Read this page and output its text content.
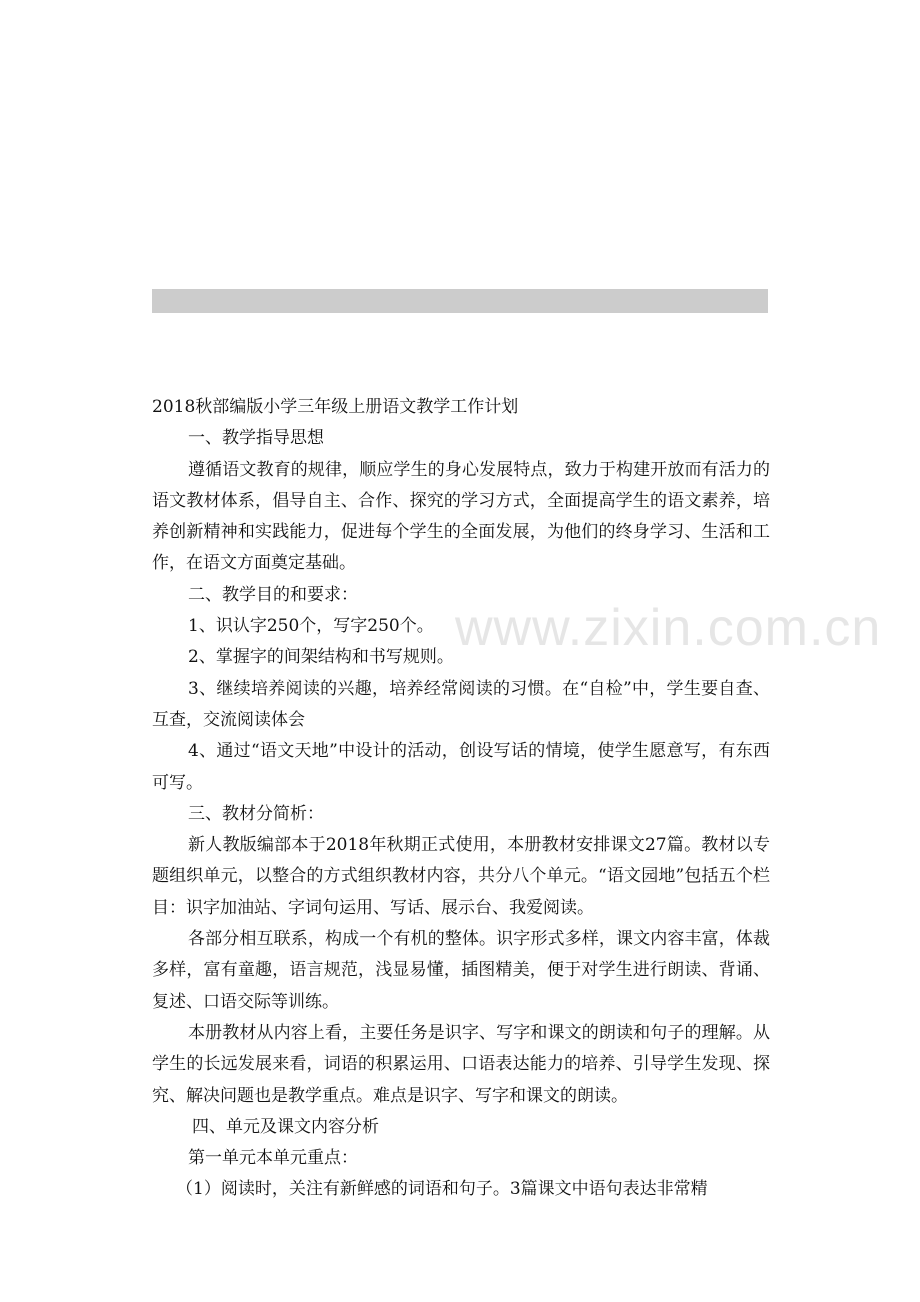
www.zixin.com.cn

2018秋部编版小学三年级上册语文教学工作计划

一、教学指导思想

遵循语文教育的规律，顺应学生的身心发展特点，致力于构建开放而有活力的语文教材体系，倡导自主、合作、探究的学习方式，全面提高学生的语文素养，培养创新精神和实践能力，促进每个学生的全面发展，为他们的终身学习、生活和工作，在语文方面奠定基础。

二、教学目的和要求：

1、识认字250个，写字250个。

2、掌握字的间架结构和书写规则。

3、继续培养阅读的兴趣，培养经常阅读的习惯。在“自检”中，学生要自查、互查，交流阅读体会

4、通过“语文天地”中设计的活动，创设写话的情境，使学生愿意写，有东西可写。

三、教材分简析：

新人教版编部本于2018年秋期正式使用，本册教材安排课文27篇。教材以专题组织单元，以整合的方式组织教材内容，共分八个单元。“语文园地”包括五个栏目：识字加油站、字词句运用、写话、展示台、我爱阅读。

各部分相互联系，构成一个有机的整体。识字形式多样，课文内容丰富，体裁多样，富有童趣，语言规范，浅显易懂，插图精美，便于对学生进行朗读、背诵、复述、口语交际等训练。

本册教材从内容上看，主要任务是识字、写字和课文的朗读和句子的理解。从学生的长远发展来看，词语的积累运用、口语表达能力的培养、引导学生发现、探究、解决问题也是教学重点。难点是识字、写字和课文的朗读。

四、单元及课文内容分析

第一单元本单元重点：

（1）阅读时，关注有新鲜感的词语和句子。3篇课文中语句表达非常精
